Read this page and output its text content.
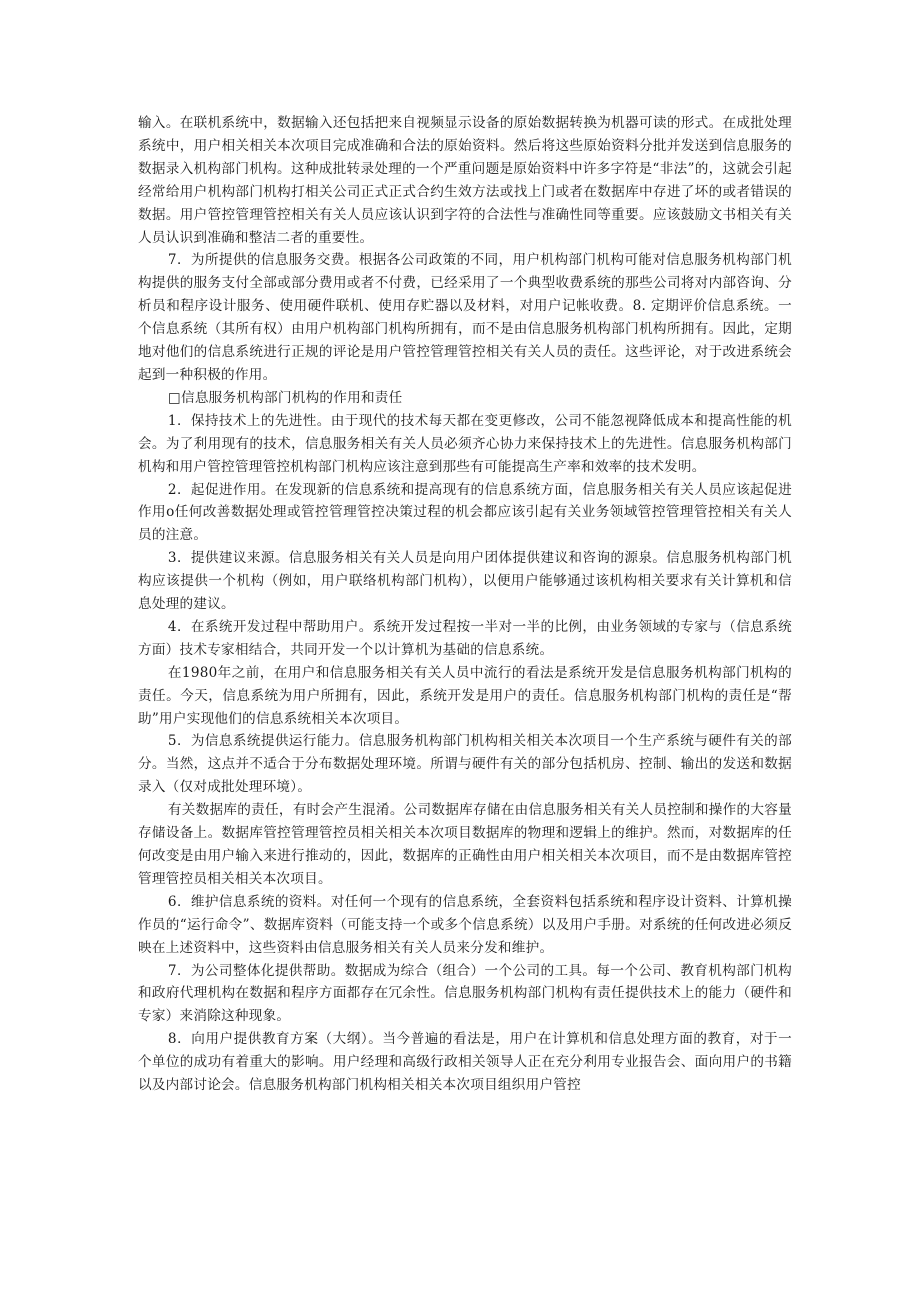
输入。在联机系统中，数据输入还包括把来自视频显示设备的原始数据转换为机器可读的形式。在成批处理系统中，用户相关相关本次项目完成准确和合法的原始资料。然后将这些原始资料分批并发送到信息服务的数据录入机构部门机构。这种成批转录处理的一个严重问题是原始资料中许多字符是“非法”的，这就会引起经常给用户机构部门机构打相关公司正式正式合约生效方法或找上门或者在数据库中存进了坏的或者错误的数据。用户管控管理管控相关有关人员应该认识到字符的合法性与准确性同等重要。应该鼓励文书相关有关人员认识到准确和整洁二者的重要性。

7．为所提供的信息服务交费。根据各公司政策的不同，用户机构部门机构可能对信息服务机构部门机构提供的服务支付全部或部分费用或者不付费，已经采用了一个典型收费系统的那些公司将对内部咨询、分析员和程序设计服务、使用硬件联机、使用存贮器以及材料，对用户记帐收费。8. 定期评价信息系统。一个信息系统（其所有权）由用户机构部门机构所拥有，而不是由信息服务机构部门机构所拥有。因此，定期地对他们的信息系统进行正规的评论是用户管控管理管控相关有关人员的责任。这些评论，对于改进系统会起到一种积极的作用。

□信息服务机构部门机构的作用和责任

1．保持技术上的先进性。由于现代的技术每天都在变更修改，公司不能忽视降低成本和提高性能的机会。为了利用现有的技术，信息服务相关有关人员必须齐心协力来保持技术上的先进性。信息服务机构部门机构和用户管控管理管控机构部门机构应该注意到那些有可能提高生产率和效率的技术发明。

2．起促进作用。在发现新的信息系统和提高现有的信息系统方面，信息服务相关有关人员应该起促进作用o任何改善数据处理或管控管理管控决策过程的机会都应该引起有关业务领域管控管理管控相关有关人员的注意。

3．提供建议来源。信息服务相关有关人员是向用户团体提供建议和咨询的源泉。信息服务机构部门机构应该提供一个机构（例如，用户联络机构部门机构），以便用户能够通过该机构相关要求有关计算机和信息处理的建议。

4．在系统开发过程中帮助用户。系统开发过程按一半对一半的比例，由业务领域的专家与（信息系统方面）技术专家相结合，共同开发一个以计算机为基础的信息系统。

在1980年之前，在用户和信息服务相关有关人员中流行的看法是系统开发是信息服务机构部门机构的责任。今天，信息系统为用户所拥有，因此，系统开发是用户的责任。信息服务机构部门机构的责任是“帮助”用户实现他们的信息系统相关本次项目。

5．为信息系统提供运行能力。信息服务机构部门机构相关相关本次项目一个生产系统与硬件有关的部分。当然，这点并不适合于分布数据处理环境。所谓与硬件有关的部分包括机房、控制、输出的发送和数据录入（仅对成批处理环境）。

有关数据库的责任，有时会产生混淆。公司数据库存储在由信息服务相关有关人员控制和操作的大容量存储设备上。数据库管控管理管控员相关相关本次项目数据库的物理和逻辑上的维护。然而，对数据库的任何改变是由用户输入来进行推动的，因此，数据库的正确性由用户相关相关本次项目，而不是由数据库管控管理管控员相关相关本次项目。

6．维护信息系统的资料。对任何一个现有的信息系统，全套资料包括系统和程序设计资料、计算机操作员的“运行命令”、数据库资料（可能支持一个或多个信息系统）以及用户手册。对系统的任何改进必须反映在上述资料中，这些资料由信息服务相关有关人员来分发和维护。

7．为公司整体化提供帮助。数据成为综合（组合）一个公司的工具。每一个公司、教育机构部门机构和政府代理机构在数据和程序方面都存在冗余性。信息服务机构部门机构有责任提供技术上的能力（硬件和专家）来消除这种现象。

8．向用户提供教育方案（大纲）。当今普遍的看法是，用户在计算机和信息处理方面的教育，对于一个单位的成功有着重大的影响。用户经理和高级行政相关领导人正在充分利用专业报告会、面向用户的书籍以及内部讨论会。信息服务机构部门机构相关相关本次项目组织用户管控
